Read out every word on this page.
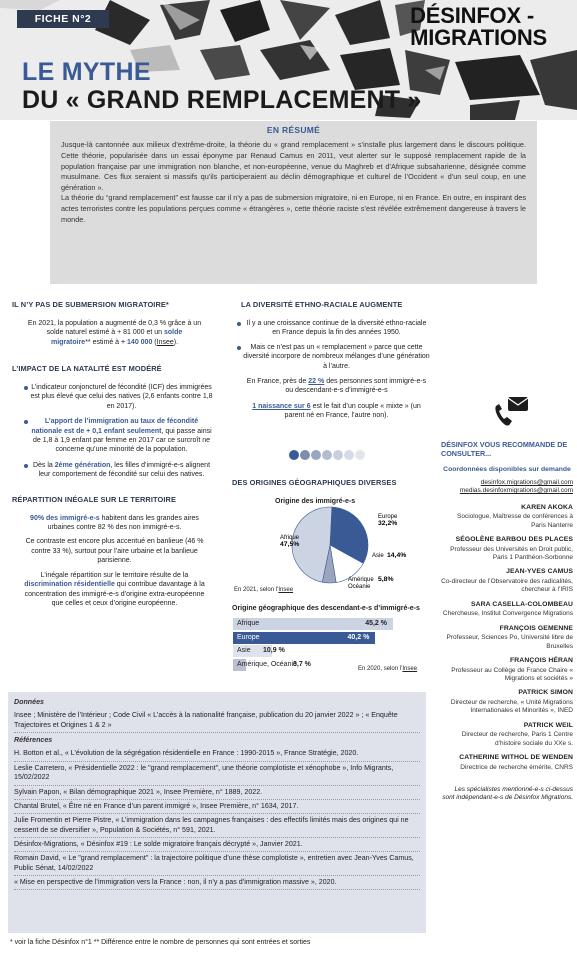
FICHE N°2	DÉSINFOX -
MIGRATIONS
LE MYTHE
DU « GRAND REMPLACEMENT »
EN RÉSUMÉ

Jusque-là cantonnée aux milieux d’extrême-droite, la théorie du « grand remplacement » s’installe plus largement dans le discours politique. Cette théorie, popularisée dans un essai éponyme par Renaud Camus en 2011, veut alerter sur le supposé remplacement rapide de la population française par une immigration non blanche, et non-européenne, venue du Maghreb et d’Afrique subsaharienne, désignée comme musulmane. Ces flux seraient si massifs qu’ils participeraient au déclin démographique et culturel de l’Occident « d’un seul coup, en une génération ».

La théorie du “grand remplacement” est fausse car il n’y a pas de submersion migratoire, ni en Europe, ni en France. En outre, en inspirant des actes terroristes contre les populations perçues comme « étrangères », cette théorie raciste s’est révélée extrêmement dangereuse à travers le monde.

IL N’Y PAS DE SUBMERSION MIGRATOIRE*

En 2021, la population a augmenté de 0,3 % grâce à un solde naturel estimé à + 81 000 et un solde migratoire** estimé à + 140 000 (Insee).

L’IMPACT DE LA NATALITÉ EST MODÉRÉ

L’indicateur conjoncturel de fécondité (ICF) des immigrées est plus élevé que celui des natives (2,6 enfants contre 1,8 en 2017).

L’apport de l’immigration au taux de fécondité nationale est de + 0,1 enfant seulement, qui passe ainsi de 1,8 à 1,9 enfant par femme en 2017 car ce surcroît ne concerne qu’une minorité de la population.

Dès la 2ème génération, les filles d’immigré-e-s alignent leur comportement de fécondité sur celui des natives.

RÉPARTITION INÉGALE SUR LE TERRITOIRE

90% des immigré-e-s habitent dans les grandes aires urbaines contre 82 % des non immigré-e-s.

Ce contraste est encore plus accentué en banlieue (46 % contre 33 %), surtout pour l’aire urbaine et la banlieue parisienne.

L’inégale répartition sur le territoire résulte de la discrimination résidentielle qui contribue davantage à la concentration des immigré-e-s d’origine extra-européenne que celles et ceux d’origine européenne.

LA DIVERSITÉ ETHNO-RACIALE AUGMENTE

Il y a une croissance continue de la diversité ethno-raciale en France depuis la fin des années 1950.

Mais ce n’est pas un « remplacement » parce que cette diversité incorpore de nombreux mélanges d’une génération à l’autre.

En France, près de 22 % des personnes sont immigré-e-s ou descendant-e-s d’immigré-e-s

1 naissance sur 6 est le fait d’un couple « mixte » (un parent né en France, l’autre non).

DES ORIGINES GÉOGRAPHIQUES DIVERSES
Origine des immigré-e-s
Europe
32,2%
Asie 14,4%
Amérique
Océanie
5,8%
Afrique
47,5%
En 2021, selon l’Insee
Origine géographique des descendant-e-s d’immigré-e-s
Afrique	45,2 %
Europe	40,2 %
Asie 10,9 %
Amérique, Océanie
3,7 %
En 2020, selon l’Insee
DÉSINFOX VOUS RECOMMANDE DE CONSULTER...
Coordonnées disponibles sur demande
desinfox.migrations@gmail.com
medias.desinfoxmigrations@gmail.com
KAREN AKOKA
Sociologue, Maîtresse de conférences à Paris Nanterre
SÉGOLÈNE BARBOU DES PLACES
Professeur des Universités en Droit public, Paris 1 Panthéon-Sorbonne
JEAN-YVES CAMUS
Co-directeur de l’Observatoire des radicalités, chercheur à l’IRIS
SARA CASELLA-COLOMBEAU
Chercheuse, Institut Convergence Migrations
FRANÇOIS GEMENNE
Professeur, Sciences Po, Université libre de Bruxelles
FRANÇOIS HÉRAN
Professeur au Collège de France Chaire « Migrations et sociétés »
PATRICK SIMON
Directeur de recherche, « Unité Migrations Internationales et Minorités », INED
PATRICK WEIL
Directeur de recherche, Paris 1 Centre d’histoire sociale du XXe s.
CATHERINE WITHOL DE WENDEN
Directrice de recherche émérite, CNRS
Les spécialistes mentionné-e-s ci-dessus sont indépendant-e-s de Désinfox Migrations.
Données
Insee ; Ministère de l’Intérieur ; Code Civil « L’accès à la nationalité française, publication du 20 janvier 2022 » ; « Enquête Trajectoires et Origines 1 & 2 »
Références
H. Botton et al., « L’évolution de la ségrégation résidentielle en France : 1990-2015 », France Stratégie, 2020.
Leslie Carretero, « Présidentielle 2022 : le "grand remplacement", une théorie complotiste et xénophobe », Info Migrants, 15/02/2022
Sylvain Papon, « Bilan démographique 2021 », Insee Première, n° 1889, 2022.
Chantal Brutel, « Être né en France d’un parent immigré », Insee Première, n° 1634, 2017.
Julie Fromentin et Pierre Pistre, « L’immigration dans les campagnes françaises : des effectifs limités mais des origines qui ne cessent de se diversifier », Population & Sociétés, n° 591, 2021.
Désinfox-Migrations, « Désinfox #19 : Le solde migratoire français décrypté », Janvier 2021.
Romain David, « Le "grand remplacement" : la trajectoire politique d’une thèse complotiste », entretien avec Jean-Yves Camus, Public Sénat, 14/02/2022
« Mise en perspective de l’immigration vers la France : non, il n’y a pas d’immigration massive », 2020.
* voir la fiche Désinfox n°1 ** Différence entre le nombre de personnes qui sont entrées et sorties
